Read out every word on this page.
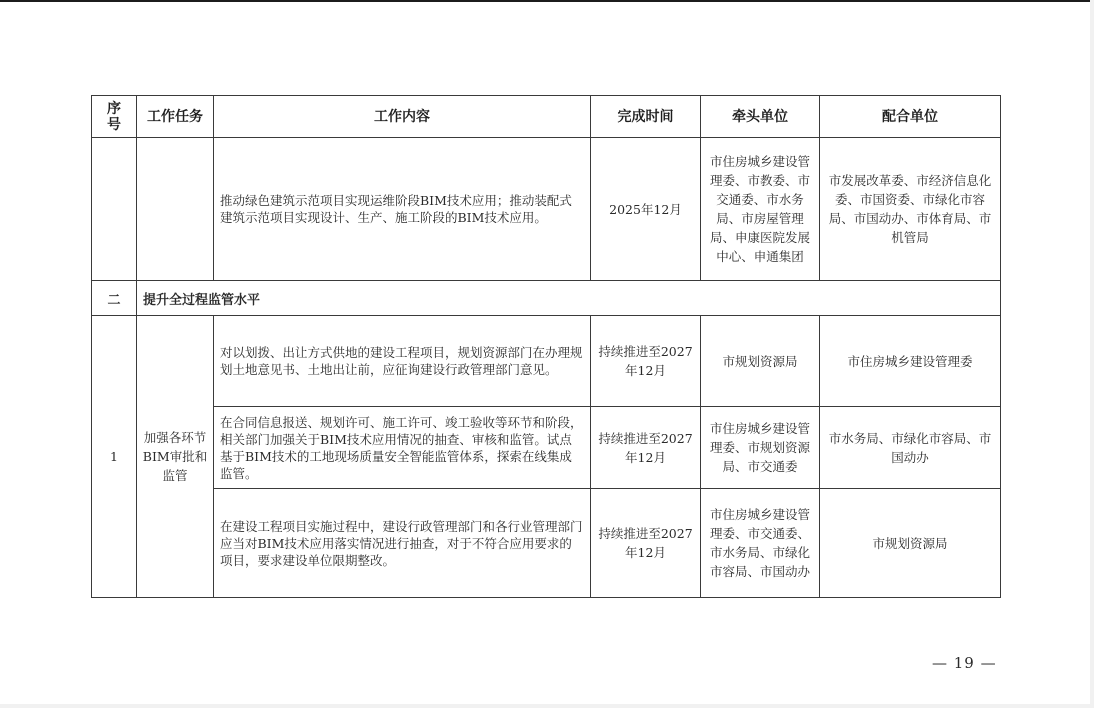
序号	工作任务	工作内容	完成时间	牵头单位	配合单位
		推动绿色建筑示范项目实现运维阶段BIM技术应用；推动装配式建筑示范项目实现设计、生产、施工阶段的BIM技术应用。	2025年12月	市住房城乡建设管理委、市教委、市交通委、市水务局、市房屋管理局、申康医院发展中心、申通集团	市发展改革委、市经济信息化委、市国资委、市绿化市容局、市国动办、市体育局、市机管局
二	提升全过程监管水平				
1	加强各环节BIM审批和监管	对以划拨、出让方式供地的建设工程项目，规划资源部门在办理规划土地意见书、土地出让前，应征询建设行政管理部门意见。	持续推进至2027年12月	市规划资源局	市住房城乡建设管理委
		在合同信息报送、规划许可、施工许可、竣工验收等环节和阶段，相关部门加强关于BIM技术应用情况的抽查、审核和监管。试点基于BIM技术的工地现场质量安全智能监管体系，探索在线集成监管。	持续推进至2027年12月	市住房城乡建设管理委、市规划资源局、市交通委	市水务局、市绿化市容局、市国动办
		在建设工程项目实施过程中，建设行政管理部门和各行业管理部门应当对BIM技术应用落实情况进行抽查，对于不符合应用要求的项目，要求建设单位限期整改。	持续推进至2027年12月	市住房城乡建设管理委、市交通委、市水务局、市绿化市容局、市国动办	市规划资源局
— 19 —
